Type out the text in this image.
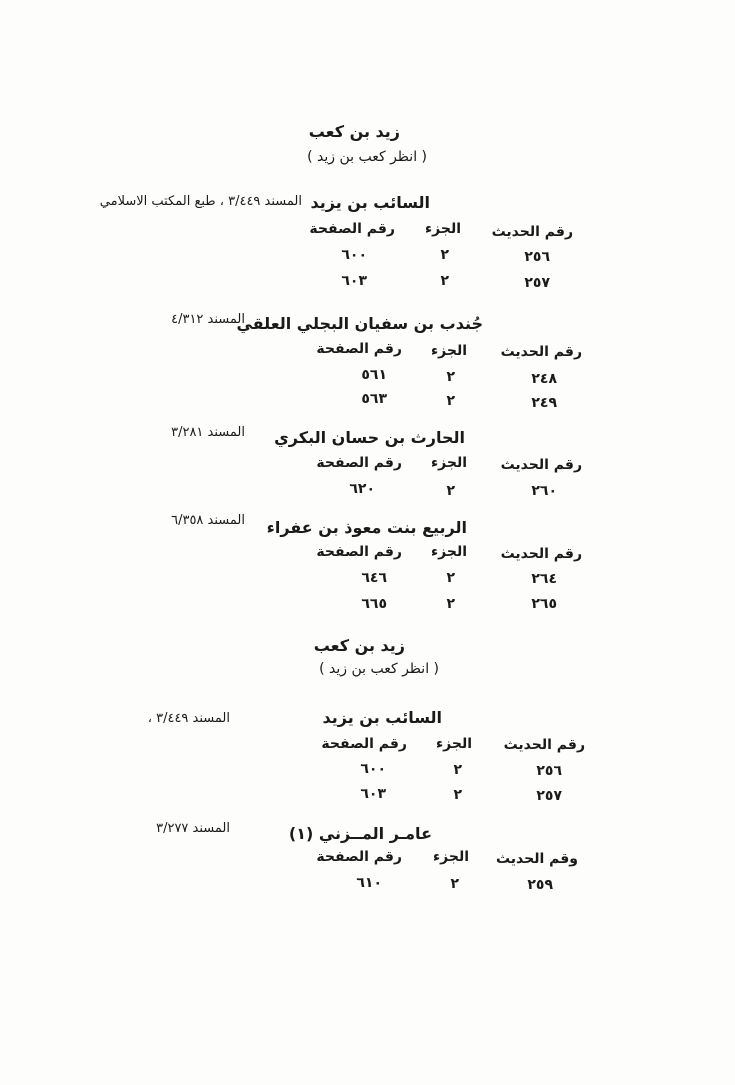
زيد بن كعب
( انظر كعب بن زيد )
السائب بن يزيد
المسند ٣/٤٤٩ ، طبع المكتب الاسلامي
رقم الحديث
الجزء
رقم الصفحة
٢٥٦
٢
٦٠٠
٢٥٧
٢
٦٠٣
جُندب بن سفيان البجلي العلقي
المسند ٤/٣١٢
رقم الحديث
الجزء
رقم الصفحة
٢٤٨
٢
٥٦١
٢٤٩
٢
٥٦٣
الحارث بن حسان البكري
المسند ٣/٢٨١
رقم الحديث
الجزء
رقم الصفحة
٢٦٠
٢
٦٢٠
الربيع بنت معوذ بن عفراء
المسند ٦/٣٥٨
رقم الحديث
الجزء
رقم الصفحة
٢٦٤
٢
٦٤٦
٢٦٥
٢
٦٦٥
زيد بن كعب
( انظر كعب بن زيد )
السائب بن يزيد
المسند ٣/٤٤٩ ،
رقم الحديث
الجزء
رقم الصفحة
٢٥٦
٢
٦٠٠
٢٥٧
٢
٦٠٣
عامـر المــزني (١)
المسند ٣/٢٧٧
وقم الحديث
الجزء
رقم الصفحة
٢٥٩
٢
٦١٠
